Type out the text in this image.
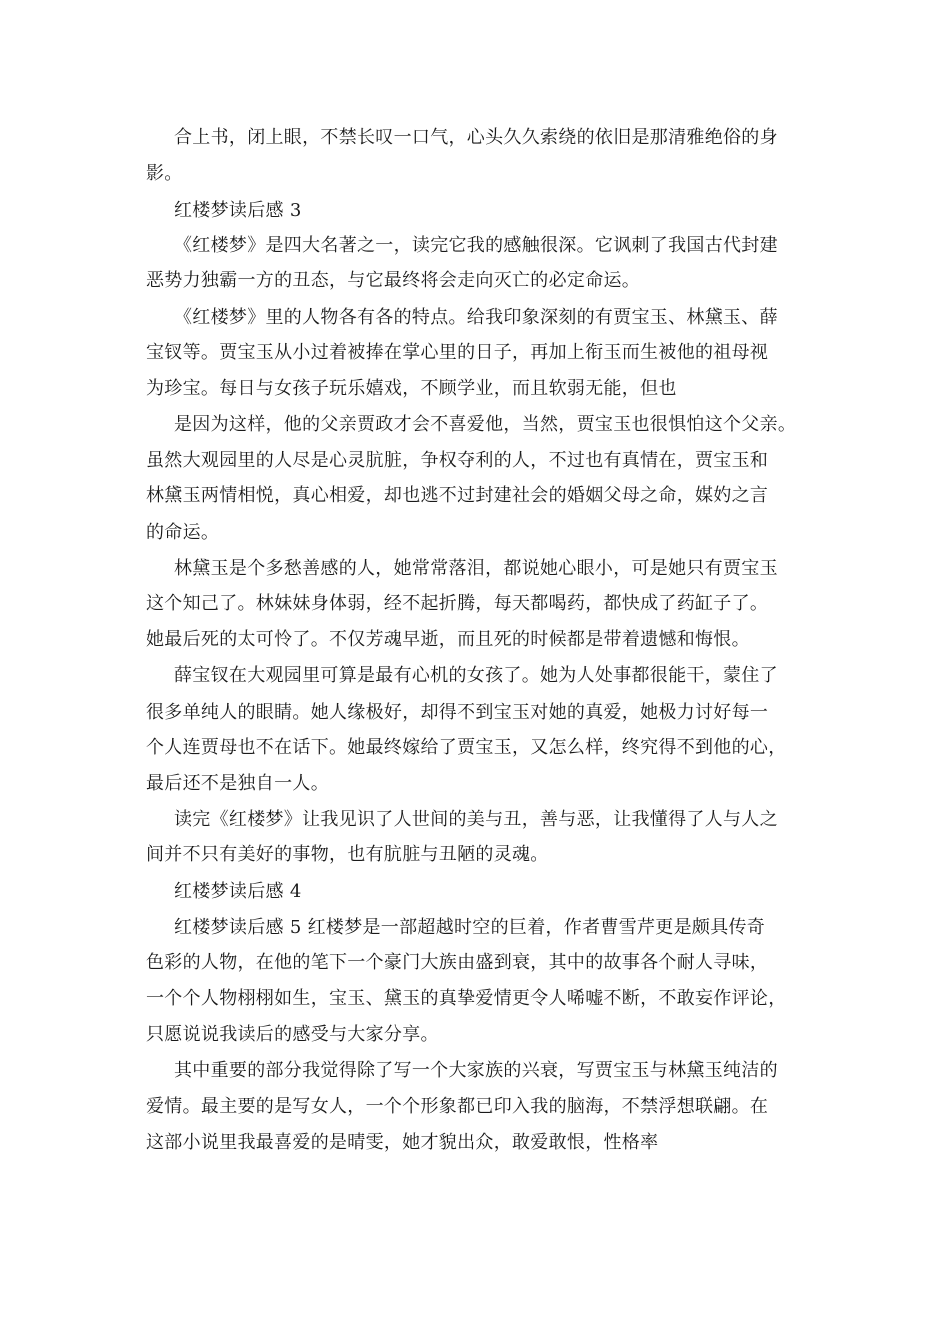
合上书，闭上眼，不禁长叹一口气，心头久久索绕的依旧是那清雅绝俗的身
影。
红楼梦读后感 3
《红楼梦》是四大名著之一，读完它我的感触很深。它讽刺了我国古代封建
恶势力独霸一方的丑态，与它最终将会走向灭亡的必定命运。
《红楼梦》里的人物各有各的特点。给我印象深刻的有贾宝玉、林黛玉、薛
宝钗等。贾宝玉从小过着被捧在掌心里的日子，再加上衔玉而生被他的祖母视
为珍宝。每日与女孩子玩乐嬉戏，不顾学业，而且软弱无能，但也
是因为这样，他的父亲贾政才会不喜爱他，当然，贾宝玉也很惧怕这个父亲。
虽然大观园里的人尽是心灵肮脏，争权夺利的人，不过也有真情在，贾宝玉和
林黛玉两情相悦，真心相爱，却也逃不过封建社会的婚姻父母之命，媒妁之言
的命运。
林黛玉是个多愁善感的人，她常常落泪，都说她心眼小，可是她只有贾宝玉
这个知己了。林妹妹身体弱，经不起折腾，每天都喝药，都快成了药缸子了。
她最后死的太可怜了。不仅芳魂早逝，而且死的时候都是带着遗憾和悔恨。
薛宝钗在大观园里可算是最有心机的女孩了。她为人处事都很能干，蒙住了
很多单纯人的眼睛。她人缘极好，却得不到宝玉对她的真爱，她极力讨好每一
个人连贾母也不在话下。她最终嫁给了贾宝玉，又怎么样，终究得不到他的心，
最后还不是独自一人。
读完《红楼梦》让我见识了人世间的美与丑，善与恶，让我懂得了人与人之
间并不只有美好的事物，也有肮脏与丑陋的灵魂。
红楼梦读后感 4
红楼梦读后感 5 红楼梦是一部超越时空的巨着，作者曹雪芹更是颇具传奇
色彩的人物，在他的笔下一个豪门大族由盛到衰，其中的故事各个耐人寻味，
一个个人物栩栩如生，宝玉、黛玉的真挚爱情更令人唏嘘不断，不敢妄作评论，
只愿说说我读后的感受与大家分享。
其中重要的部分我觉得除了写一个大家族的兴衰，写贾宝玉与林黛玉纯洁的
爱情。最主要的是写女人，一个个形象都已印入我的脑海，不禁浮想联翩。在
这部小说里我最喜爱的是晴雯，她才貌出众，敢爱敢恨，性格率
